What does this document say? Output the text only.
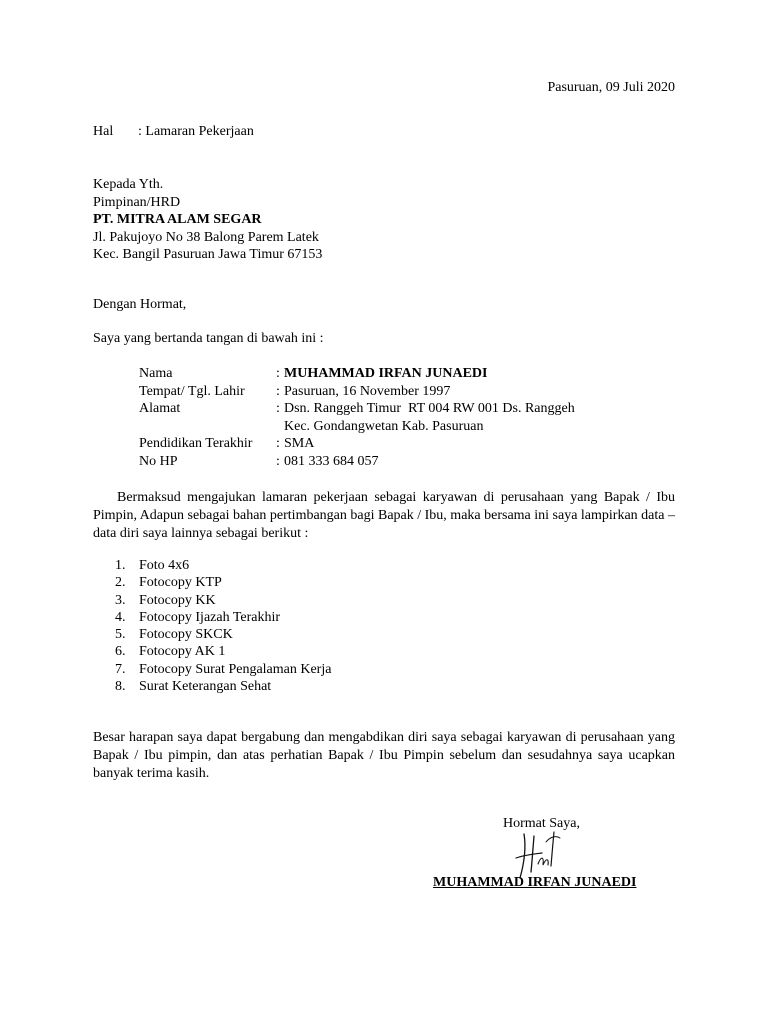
Pasuruan, 09 Juli 2020
Hal : Lamaran Pekerjaan
Kepada Yth.
Pimpinan/HRD
PT. MITRA ALAM SEGAR
Jl. Pakujoyo No 38 Balong Parem Latek
Kec. Bangil Pasuruan Jawa Timur 67153
Dengan Hormat,
Saya yang bertanda tangan di bawah ini :
Nama	:	MUHAMMAD IRFAN JUNAEDI
Tempat/ Tgl. Lahir	:	Pasuruan, 16 November 1997
Alamat	:	Dsn. Ranggeh Timur  RT 004 RW 001 Ds. Ranggeh
Kec. Gondangwetan Kab. Pasuruan

Pendidikan Terakhir	:	SMA
No HP	:	081 333 684 057
Bermaksud mengajukan lamaran pekerjaan sebagai karyawan di perusahaan yang Bapak / Ibu Pimpin, Adapun sebagai bahan pertimbangan bagi Bapak / Ibu, maka bersama ini saya lampirkan data – data diri saya lainnya sebagai berikut :
1. Foto 4x6
2. Fotocopy KTP
3. Fotocopy KK
4. Fotocopy Ijazah Terakhir
5. Fotocopy SKCK
6. Fotocopy AK 1
7. Fotocopy Surat Pengalaman Kerja
8. Surat Keterangan Sehat
Besar harapan saya dapat bergabung dan mengabdikan diri saya sebagai karyawan di perusahaan yang Bapak / Ibu pimpin, dan atas perhatian Bapak / Ibu Pimpin sebelum dan sesudahnya saya ucapkan banyak terima kasih.
Hormat Saya,
MUHAMMAD IRFAN JUNAEDI
